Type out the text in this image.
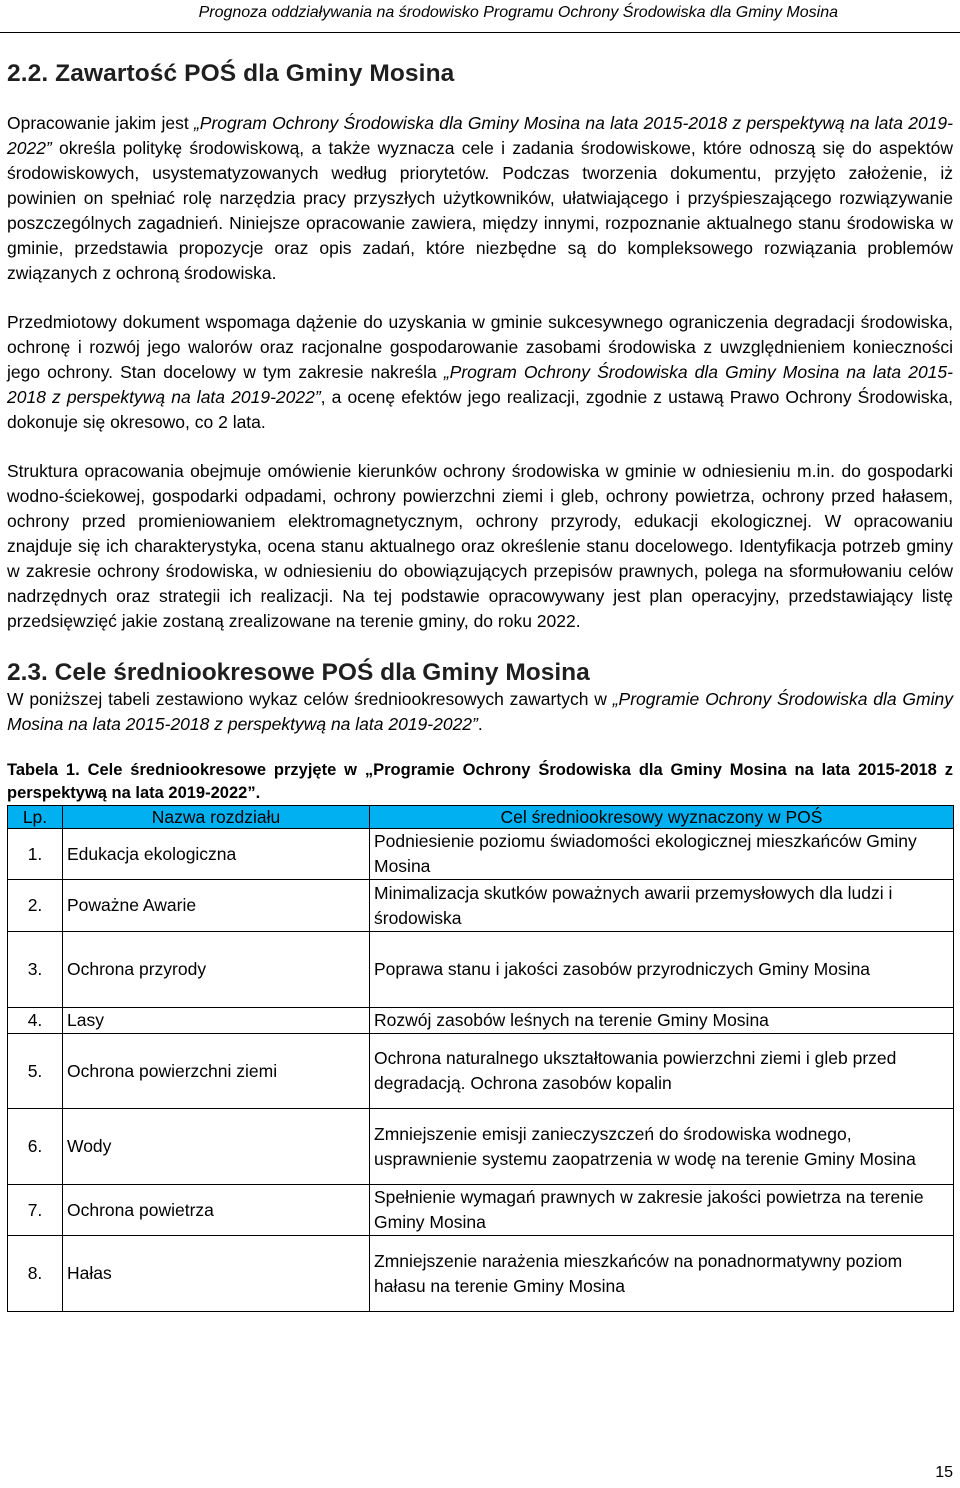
Prognoza oddziaływania na środowisko Programu Ochrony Środowiska dla Gminy Mosina
2.2. Zawartość POŚ dla Gminy Mosina

Opracowanie jakim jest „Program Ochrony Środowiska dla Gminy Mosina na lata 2015-2018 z perspektywą na lata 2019-2022” określa politykę środowiskową, a także wyznacza cele i zadania środowiskowe, które odnoszą się do aspektów środowiskowych, usystematyzowanych według priorytetów. Podczas tworzenia dokumentu, przyjęto założenie, iż powinien on spełniać rolę narzędzia pracy przyszłych użytkowników, ułatwiającego i przyśpieszającego rozwiązywanie poszczególnych zagadnień. Niniejsze opracowanie zawiera, między innymi, rozpoznanie aktualnego stanu środowiska w gminie, przedstawia propozycje oraz opis zadań, które niezbędne są do kompleksowego rozwiązania problemów związanych z ochroną środowiska.

Przedmiotowy dokument wspomaga dążenie do uzyskania w gminie sukcesywnego ograniczenia degradacji środowiska, ochronę i rozwój jego walorów oraz racjonalne gospodarowanie zasobami środowiska z uwzględnieniem konieczności jego ochrony. Stan docelowy w tym zakresie nakreśla „Program Ochrony Środowiska dla Gminy Mosina na lata 2015-2018 z perspektywą na lata 2019-2022”, a ocenę efektów jego realizacji, zgodnie z ustawą Prawo Ochrony Środowiska, dokonuje się okresowo, co 2 lata.

Struktura opracowania obejmuje omówienie kierunków ochrony środowiska w gminie w odniesieniu m.in. do gospodarki wodno-ściekowej, gospodarki odpadami, ochrony powierzchni ziemi i gleb, ochrony powietrza, ochrony przed hałasem, ochrony przed promieniowaniem elektromagnetycznym, ochrony przyrody, edukacji ekologicznej. W opracowaniu znajduje się ich charakterystyka, ocena stanu aktualnego oraz określenie stanu docelowego. Identyfikacja potrzeb gminy w zakresie ochrony środowiska, w odniesieniu do obowiązujących przepisów prawnych, polega na sformułowaniu celów nadrzędnych oraz strategii ich realizacji. Na tej podstawie opracowywany jest plan operacyjny, przedstawiający listę przedsięwzięć jakie zostaną zrealizowane na terenie gminy, do roku 2022.

2.3. Cele średniookresowe POŚ dla Gminy Mosina

W poniższej tabeli zestawiono wykaz celów średniookresowych zawartych w „Programie Ochrony Środowiska dla Gminy Mosina na lata 2015-2018 z perspektywą na lata 2019-2022”.

Tabela 1. Cele średniookresowe przyjęte w „Programie Ochrony Środowiska dla Gminy Mosina na lata 2015-2018 z perspektywą na lata 2019-2022”.
Lp.	Nazwa rozdziału	Cel średniookresowy wyznaczony w POŚ
1.	Edukacja ekologiczna	Podniesienie poziomu świadomości ekologicznej mieszkańców Gminy Mosina
2.	Poważne Awarie	Minimalizacja skutków poważnych awarii przemysłowych dla ludzi i środowiska
3.	Ochrona przyrody	Poprawa stanu i jakości zasobów przyrodniczych Gminy Mosina
4.	Lasy	Rozwój zasobów leśnych na terenie Gminy Mosina
5.	Ochrona powierzchni ziemi	Ochrona naturalnego ukształtowania powierzchni ziemi i gleb przed degradacją. Ochrona zasobów kopalin
6.	Wody	Zmniejszenie emisji zanieczyszczeń do środowiska wodnego, usprawnienie systemu zaopatrzenia w wodę na terenie Gminy Mosina
7.	Ochrona powietrza	Spełnienie wymagań prawnych w zakresie jakości powietrza na terenie Gminy Mosina
8.	Hałas	Zmniejszenie narażenia mieszkańców na ponadnormatywny poziom hałasu na terenie Gminy Mosina
15
